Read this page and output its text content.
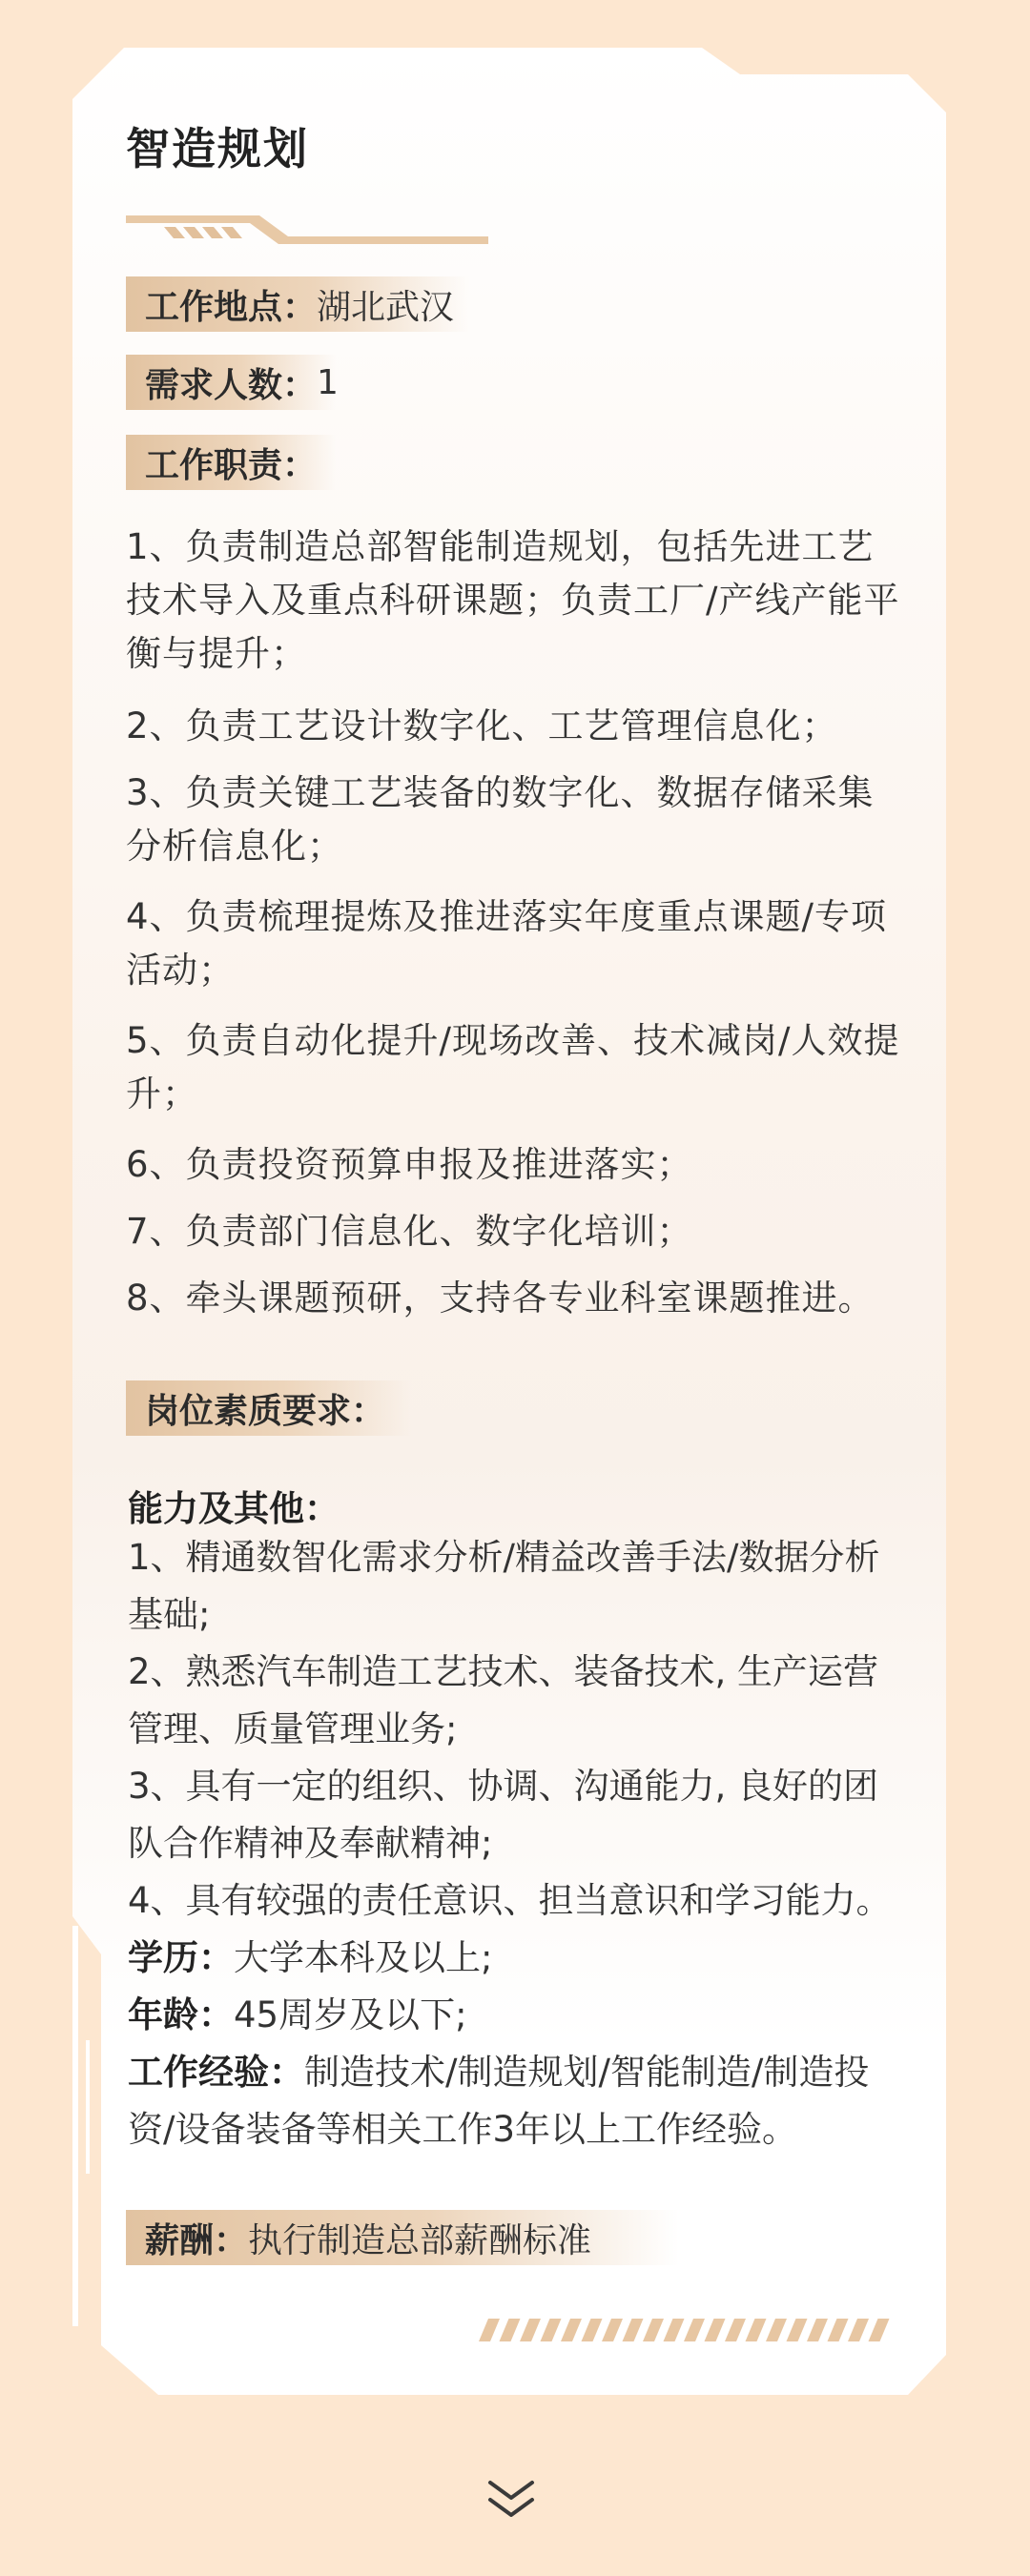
智造规划
工作地点： 湖北武汉
需求人数： 1
工作职责：

1、负责制造总部智能制造规划，包括先进工艺技术导入及重点科研课题；负责工厂/产线产能平衡与提升；

2、负责工艺设计数字化、工艺管理信息化；

3、负责关键工艺装备的数字化、数据存储采集分析信息化；

4、负责梳理提炼及推进落实年度重点课题/专项活动；

5、负责自动化提升/现场改善、技术减岗/人效提升；

6、负责投资预算申报及推进落实；

7、负责部门信息化、数字化培训；

8、牵头课题预研，支持各专业科室课题推进。

岗位素质要求：

能力及其他：

1、精通数智化需求分析/精益改善手法/数据分析基础;

2、熟悉汽车制造工艺技术、装备技术, 生产运营管理、质量管理业务;

3、具有一定的组织、协调、沟通能力, 良好的团队合作精神及奉献精神;

4、具有较强的责任意识、担当意识和学习能力。

学历：大学本科及以上;

年龄：45周岁及以下;

工作经验：制造技术/制造规划/智能制造/制造投资/设备装备等相关工作3年以上工作经验。

薪酬： 执行制造总部薪酬标准
